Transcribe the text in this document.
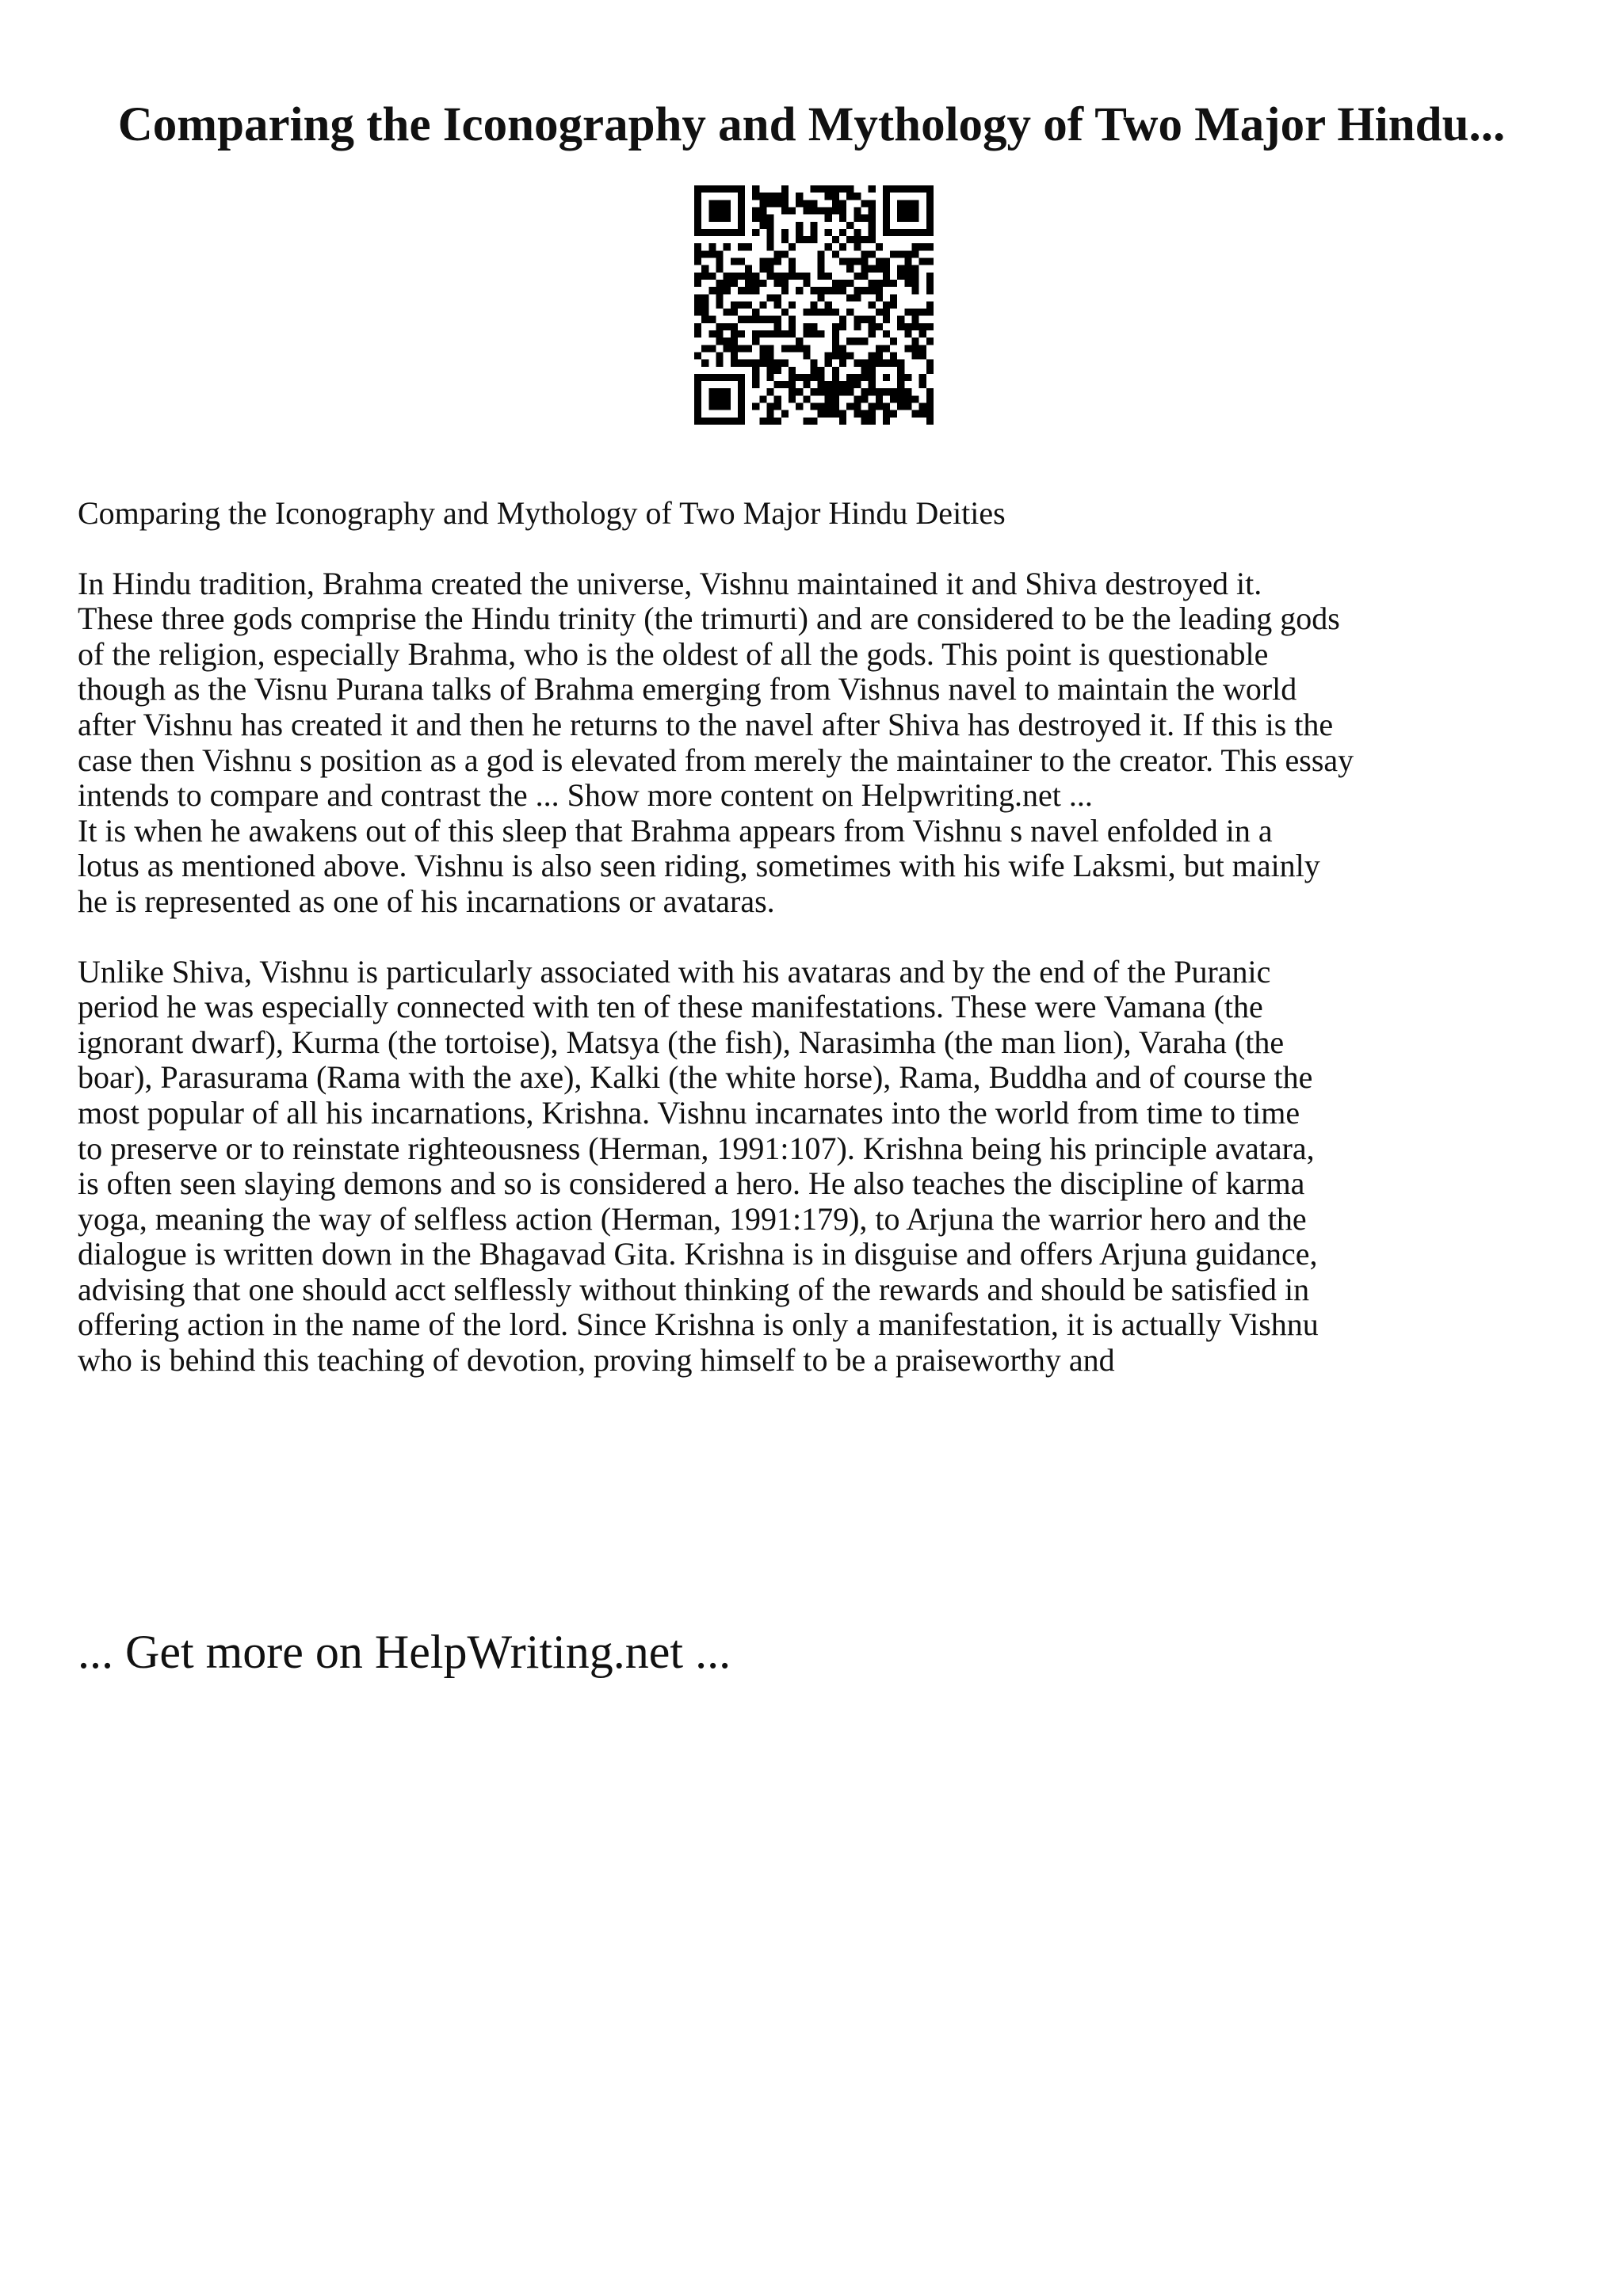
Comparing the Iconography and Mythology of Two Major Hindu...

Comparing the Iconography and Mythology of Two Major Hindu Deities

In Hindu tradition, Brahma created the universe, Vishnu maintained it and Shiva destroyed it.
These three gods comprise the Hindu trinity (the trimurti) and are considered to be the leading gods
of the religion, especially Brahma, who is the oldest of all the gods. This point is questionable
though as the Visnu Purana talks of Brahma emerging from Vishnus navel to maintain the world
after Vishnu has created it and then he returns to the navel after Shiva has destroyed it. If this is the
case then Vishnu s position as a god is elevated from merely the maintainer to the creator. This essay
intends to compare and contrast the ... Show more content on Helpwriting.net ...

It is when he awakens out of this sleep that Brahma appears from Vishnu s navel enfolded in a
lotus as mentioned above. Vishnu is also seen riding, sometimes with his wife Laksmi, but mainly
he is represented as one of his incarnations or avataras.

Unlike Shiva, Vishnu is particularly associated with his avataras and by the end of the Puranic
period he was especially connected with ten of these manifestations. These were Vamana (the
ignorant dwarf), Kurma (the tortoise), Matsya (the fish), Narasimha (the man lion), Varaha (the
boar), Parasurama (Rama with the axe), Kalki (the white horse), Rama, Buddha and of course the
most popular of all his incarnations, Krishna. Vishnu incarnates into the world from time to time
to preserve or to reinstate righteousness (Herman, 1991:107). Krishna being his principle avatara,
is often seen slaying demons and so is considered a hero. He also teaches the discipline of karma
yoga, meaning the way of selfless action (Herman, 1991:179), to Arjuna the warrior hero and the
dialogue is written down in the Bhagavad Gita. Krishna is in disguise and offers Arjuna guidance,
advising that one should acct selflessly without thinking of the rewards and should be satisfied in
offering action in the name of the lord. Since Krishna is only a manifestation, it is actually Vishnu
who is behind this teaching of devotion, proving himself to be a praiseworthy and

... Get more on HelpWriting.net ...
